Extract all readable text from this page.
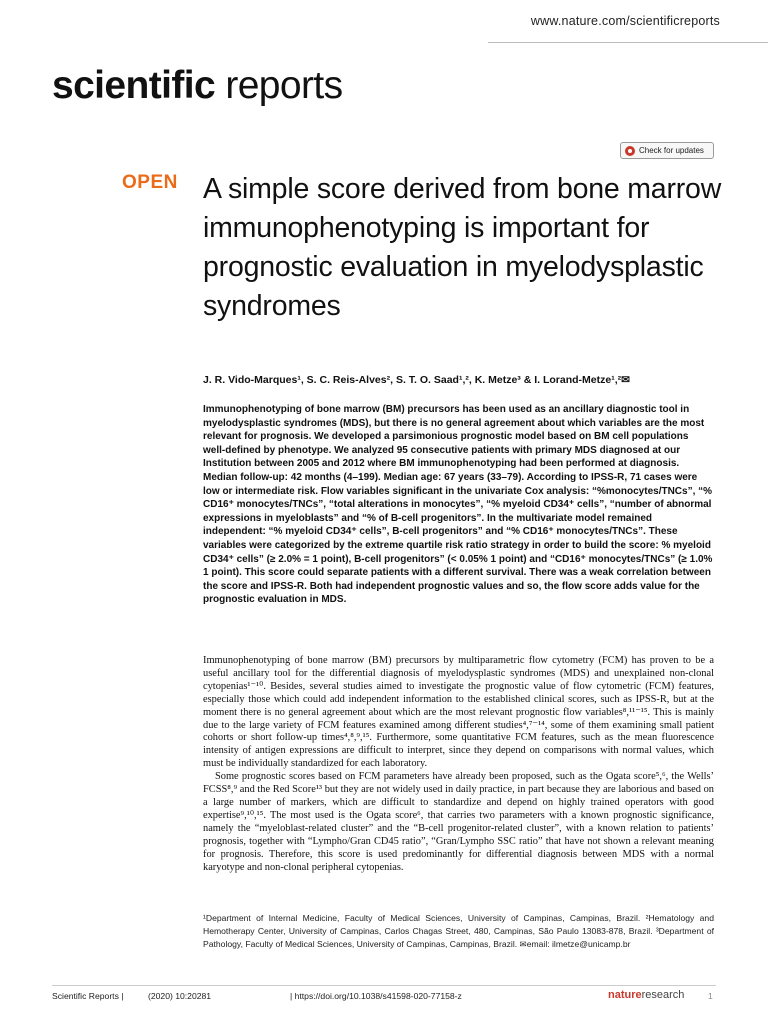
www.nature.com/scientificreports
scientific reports
Check for updates
OPEN A simple score derived from bone marrow immunophenotyping is important for prognostic evaluation in myelodysplastic syndromes
J. R. Vido-Marques¹, S. C. Reis-Alves², S. T. O. Saad¹,², K. Metze³ & I. Lorand-Metze¹,²✉

Immunophenotyping of bone marrow (BM) precursors has been used as an ancillary diagnostic tool in myelodysplastic syndromes (MDS), but there is no general agreement about which variables are the most relevant for prognosis. We developed a parsimonious prognostic model based on BM cell populations well-defined by phenotype. We analyzed 95 consecutive patients with primary MDS diagnosed at our Institution between 2005 and 2012 where BM immunophenotyping had been performed at diagnosis. Median follow-up: 42 months (4–199). Median age: 67 years (33–79). According to IPSS-R, 71 cases were low or intermediate risk. Flow variables significant in the univariate Cox analysis: “%monocytes/TNCs”, “% CD16⁺ monocytes/TNCs”, “total alterations in monocytes”, “% myeloid CD34⁺ cells”, “number of abnormal expressions in myeloblasts” and “% of B-cell progenitors”. In the multivariate model remained independent: “% myeloid CD34⁺ cells”, B-cell progenitors” and “% CD16⁺ monocytes/TNCs”. These variables were categorized by the extreme quartile risk ratio strategy in order to build the score: % myeloid CD34⁺ cells” (≥ 2.0% = 1 point), B-cell progenitors” (< 0.05% 1 point) and “CD16⁺ monocytes/TNCs” (≥ 1.0% 1 point). This score could separate patients with a different survival. There was a weak correlation between the score and IPSS-R. Both had independent prognostic values and so, the flow score adds value for the prognostic evaluation in MDS.

Immunophenotyping of bone marrow (BM) precursors by multiparametric flow cytometry (FCM) has proven to be a useful ancillary tool for the differential diagnosis of myelodysplastic syndromes (MDS) and unexplained non-clonal cytopenias¹⁻¹⁰. Besides, several studies aimed to investigate the prognostic value of flow cytometric (FCM) features, especially those which could add independent information to the established clinical scores, such as IPSS-R, but at the moment there is no general agreement about which are the most relevant prognostic flow variables⁸,¹¹⁻¹⁵. This is mainly due to the large variety of FCM features examined among different studies⁴,⁷⁻¹⁴, some of them examining small patient cohorts or short follow-up times⁴,⁸,⁹,¹⁵. Furthermore, some quantitative FCM features, such as the mean fluorescence intensity of antigen expressions are difficult to interpret, since they depend on comparisons with normal values, which must be individually standardized for each laboratory.

Some prognostic scores based on FCM parameters have already been proposed, such as the Ogata score⁵,⁶, the Wells’ FCSS⁸,⁹ and the Red Score¹³ but they are not widely used in daily practice, in part because they are laborious and based on a large number of markers, which are difficult to standardize and depend on highly trained operators with good expertise⁹,¹⁰,¹⁵. The most used is the Ogata score⁶, that carries two parameters with a known prognostic significance, namely the “myeloblast-related cluster” and the “B-cell progenitor-related cluster”, with a known relation to patients’ prognosis, together with “Lympho/Gran CD45 ratio”, “Gran/Lympho SSC ratio” that have not shown a relevant meaning for prognosis. Therefore, this score is used predominantly for differential diagnosis between MDS with a normal karyotype and non-clonal peripheral cytopenias.

¹Department of Internal Medicine, Faculty of Medical Sciences, University of Campinas, Campinas, Brazil. ²Hematology and Hemotherapy Center, University of Campinas, Carlos Chagas Street, 480, Campinas, São Paulo 13083-878, Brazil. ³Department of Pathology, Faculty of Medical Sciences, University of Campinas, Campinas, Brazil. ✉email: ilmetze@unicamp.br

Scientific Reports |	(2020) 10:20281	| https://doi.org/10.1038/s41598-020-77158-z	natureresearch	1
